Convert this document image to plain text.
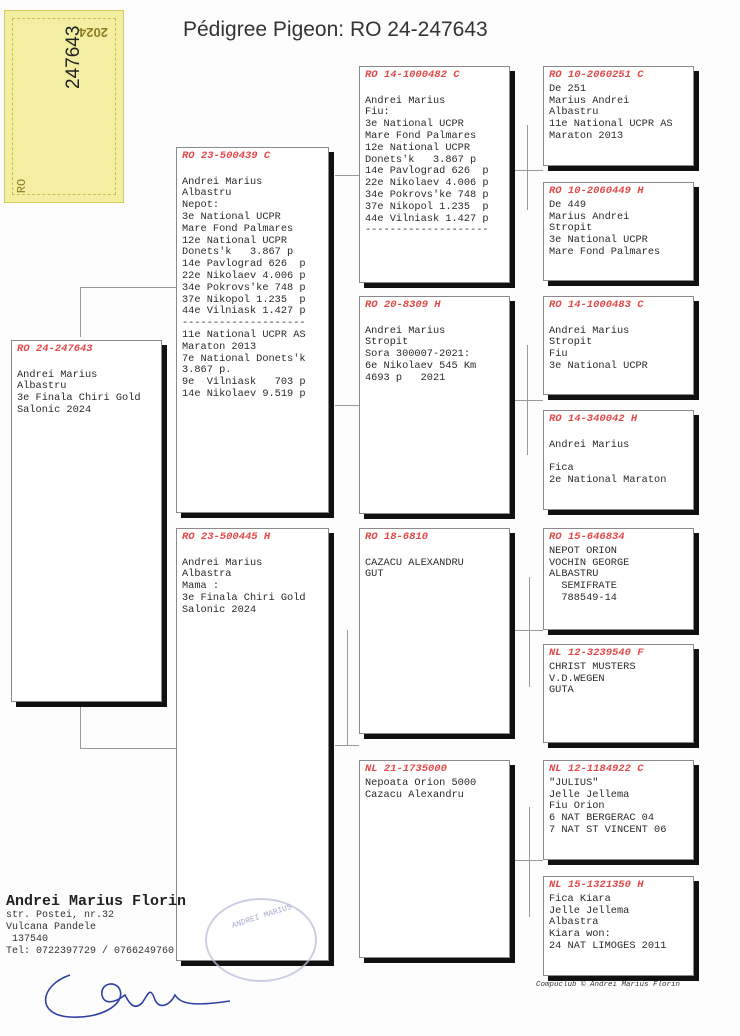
Pédigree Pigeon: RO 24-247643
2024
247643
RO
RO 24-247643
Andrei Marius
Albastru
3e Finala Chiri Gold
Salonic 2024
RO 23-500439 C
Andrei Marius
Albastru
Nepot:
3e National UCPR
Mare Fond Palmares
12e National UCPR
Donets'k   3.867 p
14e Pavlograd 626  p
22e Nikolaev 4.006 p
34e Pokrovs'ke 748 p
37e Nikopol 1.235  p
44e Vilniask 1.427 p
--------------------
11e National UCPR AS
Maraton 2013
7e National Donets'k
3.867 p.
9e  Vilniask   703 p
14e Nikolaev 9.519 p
RO 23-500445 H
Andrei Marius
Albastra
Mama :
3e Finala Chiri Gold
Salonic 2024
RO 14-1000482 C
Andrei Marius
Fiu:
3e National UCPR
Mare Fond Palmares
12e National UCPR
Donets'k   3.867 p
14e Pavlograd 626  p
22e Nikolaev 4.006 p
34e Pokrovs'ke 748 p
37e Nikopol 1.235  p
44e Vilniask 1.427 p
--------------------
RO 20-8309 H
Andrei Marius
Stropit
Sora 300007-2021:
6e Nikolaev 545 Km
4693 p   2021
RO 18-6810
CAZACU ALEXANDRU
GUT
NL 21-1735000
Nepoata Orion 5000
Cazacu Alexandru
RO 10-2060251 C
De 251
Marius Andrei
Albastru
11e National UCPR AS
Maraton 2013
RO 10-2060449 H
De 449
Marius Andrei
Stropit
3e National UCPR
Mare Fond Palmares
RO 14-1000483 C
Andrei Marius
Stropit
Fiu
3e National UCPR
RO 14-340042 H
Andrei Marius
Fica
2e National Maraton
RO 15-646834
NEPOT ORION
VOCHIN GEORGE
ALBASTRU
SEMIFRATE
788549-14
NL 12-3239540 F
CHRIST MUSTERS
V.D.WEGEN
GUTA
NL 12-1184922 C
"JULIUS"
Jelle Jellema
Fiu Orion
6 NAT BERGERAC 04
7 NAT ST VINCENT 06
NL 15-1321350 H
Fica Kiara
Jelle Jellema
Albastra
Kiara won:
24 NAT LIMOGES 2011
Andrei Marius Florin
str. Postei, nr.32
Vulcana Pandele
137540
Tel: 0722397729 / 0766249760
ANDREI MARIUS
Compuclub © Andrei Marius Florin
